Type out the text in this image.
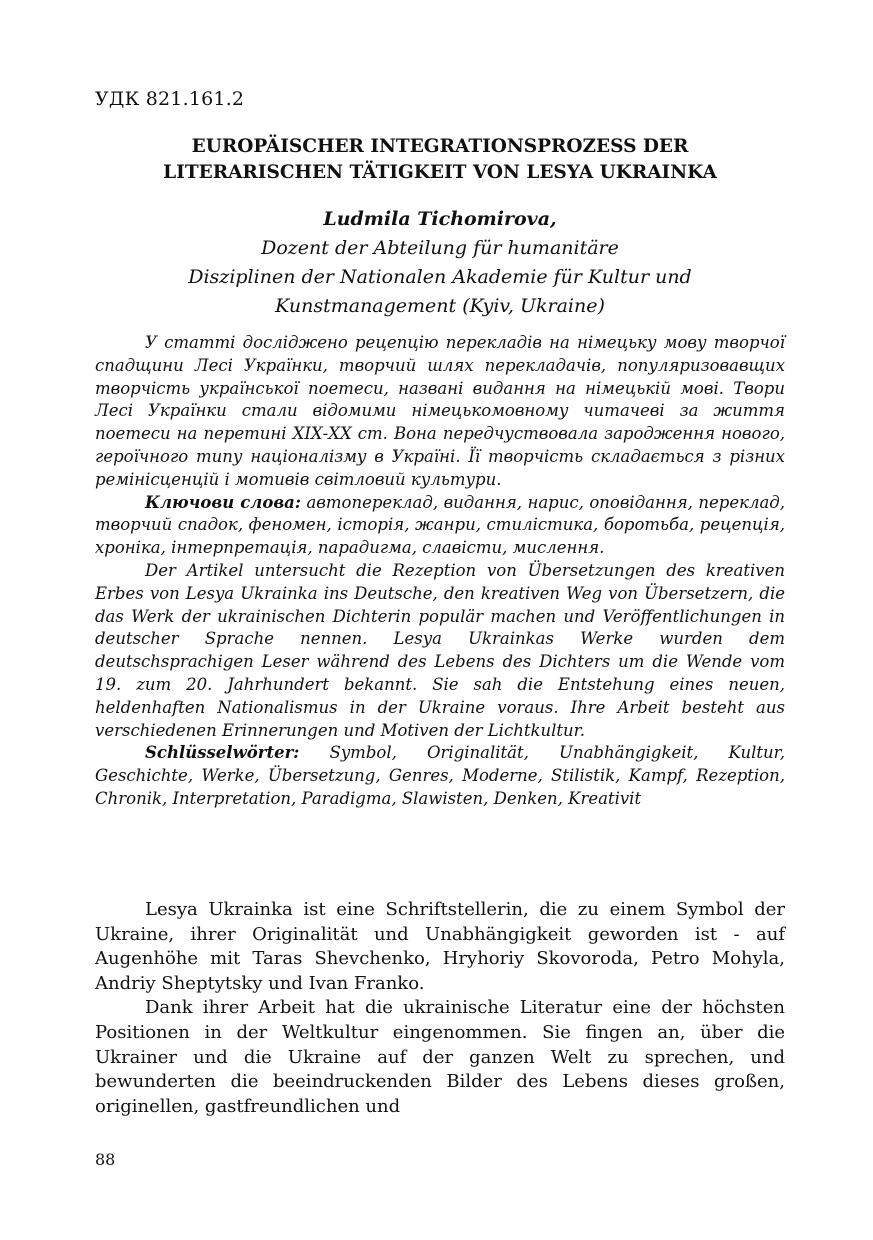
УДК 821.161.2
EUROPÄISCHER INTEGRATIONSPROZESS DER
LITERARISCHEN TÄTIGKEIT VON LESYA UKRAINKA
Ludmila Tichomirova,
Dozent der Abteilung für humanitäre
Disziplinen der Nationalen Akademie für Kultur und
Kunstmanagement (Kyiv, Ukraine)

У статті досліджено рецепцію перекладів на німецьку мову творчої спадщини Лесі Українки, творчий шлях перекладачів, популяризовавщих творчість української поетеси, названі видання на німецькій мові. Твори Лесі Українки стали відомими німецькомовному читачеві за життя поетеси на перетині ХІХ-ХХ ст. Вона передчуствовала зародження нового, героїчного типу націоналізму в Україні. Її творчість складається з різних ремінісценцій і мотивів світловий культури.

Ключови слова: автопереклад, видання, нарис, оповідання, переклад, творчий спадок, феномен, історія, жанри, стилістика, боротьба, рецепція, хроніка, інтерпретація, парадигма, славісти, мислення.

Der Artikel untersucht die Rezeption von Übersetzungen des kreativen Erbes von Lesya Ukrainka ins Deutsche, den kreativen Weg von Übersetzern, die das Werk der ukrainischen Dichterin populär machen und Veröffentlichungen in deutscher Sprache nennen. Lesya Ukrainkas Werke wurden dem deutschsprachigen Leser während des Lebens des Dichters um die Wende vom 19. zum 20. Jahrhundert bekannt. Sie sah die Entstehung eines neuen, heldenhaften Nationalismus in der Ukraine voraus. Ihre Arbeit besteht aus verschiedenen Erinnerungen und Motiven der Lichtkultur.

Schlüsselwörter: Symbol, Originalität, Unabhängigkeit, Kultur, Geschichte, Werke, Übersetzung, Genres, Moderne, Stilistik, Kampf, Rezeption, Chronik, Interpretation, Paradigma, Slawisten, Denken, Kreativit

Lesya Ukrainka ist eine Schriftstellerin, die zu einem Symbol der Ukraine, ihrer Originalität und Unabhängigkeit geworden ist - auf Augenhöhe mit Taras Shevchenko, Hryhoriy Skovoroda, Petro Mohyla, Andriy Sheptytsky und Ivan Franko.

Dank ihrer Arbeit hat die ukrainische Literatur eine der höchsten Positionen in der Weltkultur eingenommen. Sie fingen an, über die Ukrainer und die Ukraine auf der ganzen Welt zu sprechen, und bewunderten die beeindruckenden Bilder des Lebens dieses großen, originellen, gastfreundlichen und

88
